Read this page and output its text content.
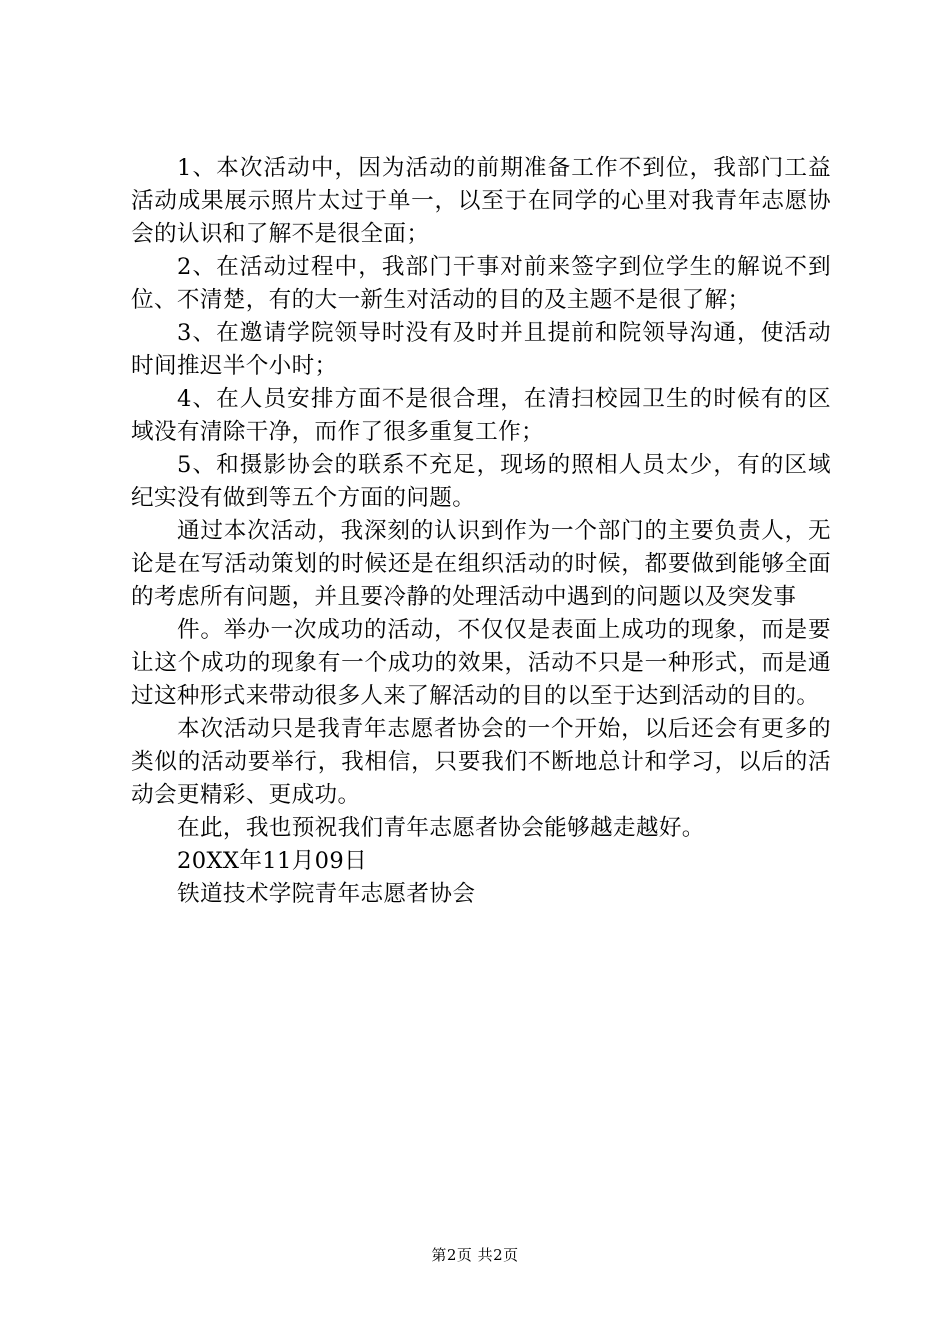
1、本次活动中，因为活动的前期准备工作不到位，我部门工益活动成果展示照片太过于单一，以至于在同学的心里对我青年志愿协会的认识和了解不是很全面；

2、在活动过程中，我部门干事对前来签字到位学生的解说不到位、不清楚，有的大一新生对活动的目的及主题不是很了解；

3、在邀请学院领导时没有及时并且提前和院领导沟通，使活动时间推迟半个小时；

4、在人员安排方面不是很合理，在清扫校园卫生的时候有的区域没有清除干净，而作了很多重复工作；

5、和摄影协会的联系不充足，现场的照相人员太少，有的区域纪实没有做到等五个方面的问题。

通过本次活动，我深刻的认识到作为一个部门的主要负责人，无论是在写活动策划的时候还是在组织活动的时候，都要做到能够全面的考虑所有问题，并且要冷静的处理活动中遇到的问题以及突发事

件。举办一次成功的活动，不仅仅是表面上成功的现象，而是要让这个成功的现象有一个成功的效果，活动不只是一种形式，而是通过这种形式来带动很多人来了解活动的目的以至于达到活动的目的。

本次活动只是我青年志愿者协会的一个开始，以后还会有更多的类似的活动要举行，我相信，只要我们不断地总计和学习，以后的活动会更精彩、更成功。

在此，我也预祝我们青年志愿者协会能够越走越好。

20XX年11月09日

铁道技术学院青年志愿者协会

第2页 共2页
